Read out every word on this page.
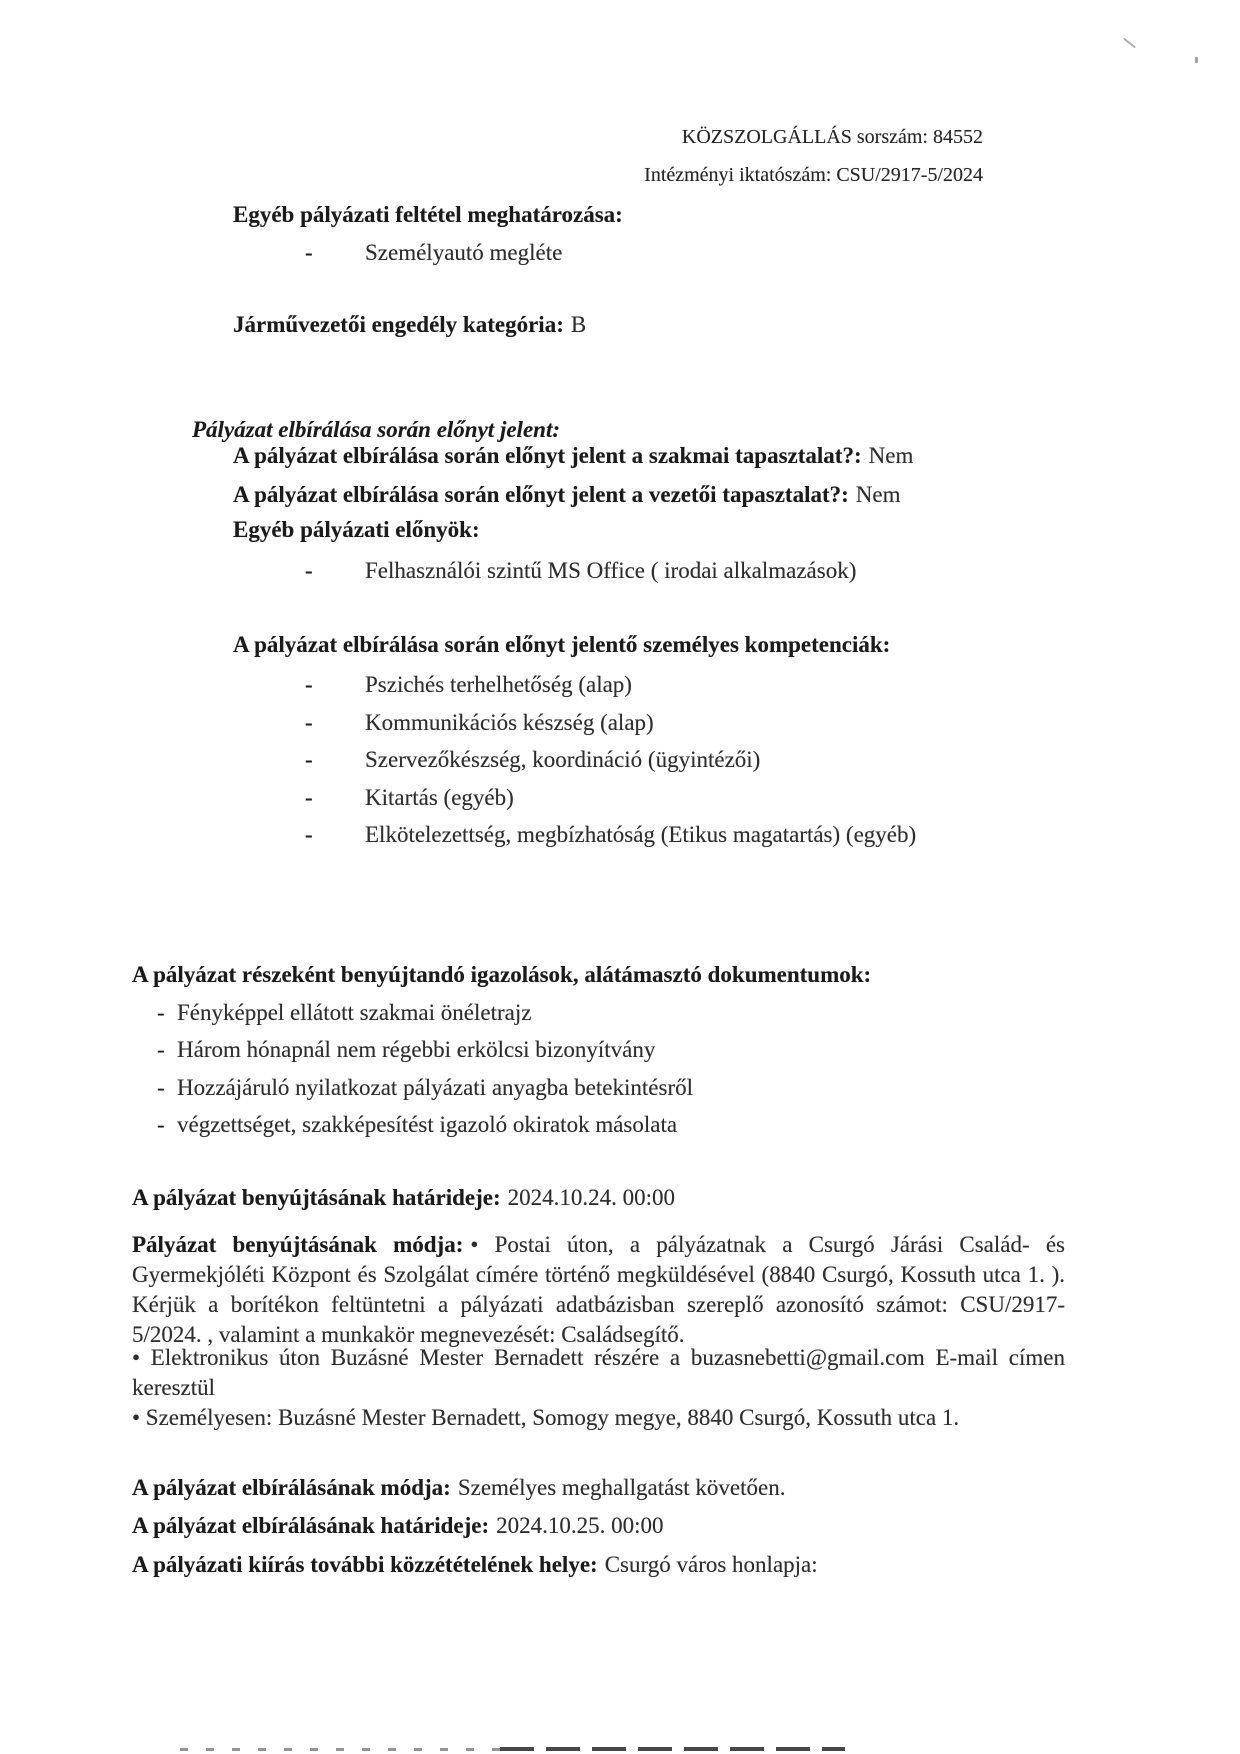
KÖZSZOLGÁLLÁS sorszám: 84552
Intézményi iktatószám: CSU/2917-5/2024
Egyéb pályázati feltétel meghatározása:
- Személyautó megléte
Járművezetői engedély kategória: B
Pályázat elbírálása során előnyt jelent:
A pályázat elbírálása során előnyt jelent a szakmai tapasztalat?: Nem
A pályázat elbírálása során előnyt jelent a vezetői tapasztalat?: Nem
Egyéb pályázati előnyök:
- Felhasználói szintű MS Office ( irodai alkalmazások)
A pályázat elbírálása során előnyt jelentő személyes kompetenciák:
- Pszichés terhelhetőség (alap)
- Kommunikációs készség (alap)
- Szervezőkészség, koordináció (ügyintézői)
- Kitartás (egyéb)
- Elkötelezettség, megbízhatóság (Etikus magatartás) (egyéb)
A pályázat részeként benyújtandó igazolások, alátámasztó dokumentumok:
- Fényképpel ellátott szakmai önéletrajz
- Három hónapnál nem régebbi erkölcsi bizonyítvány
- Hozzájáruló nyilatkozat pályázati anyagba betekintésről
- végzettséget, szakképesítést igazoló okiratok másolata
A pályázat benyújtásának határideje: 2024.10.24. 00:00

Pályázat benyújtásának módja: • Postai úton, a pályázatnak a Csurgó Járási Család- és Gyermekjóléti Központ és Szolgálat címére történő megküldésével (8840 Csurgó, Kossuth utca 1. ). Kérjük a borítékon feltüntetni a pályázati adatbázisban szereplő azonosító számot: CSU/2917-5/2024. , valamint a munkakör megnevezését: Családsegítő.

• Elektronikus úton Buzásné Mester Bernadett részére a buzasnebetti@gmail.com E-mail címen keresztül

• Személyesen: Buzásné Mester Bernadett, Somogy megye, 8840 Csurgó, Kossuth utca 1.

A pályázat elbírálásának módja: Személyes meghallgatást követően.
A pályázat elbírálásának határideje: 2024.10.25. 00:00
A pályázati kiírás további közzétételének helye: Csurgó város honlapja:
